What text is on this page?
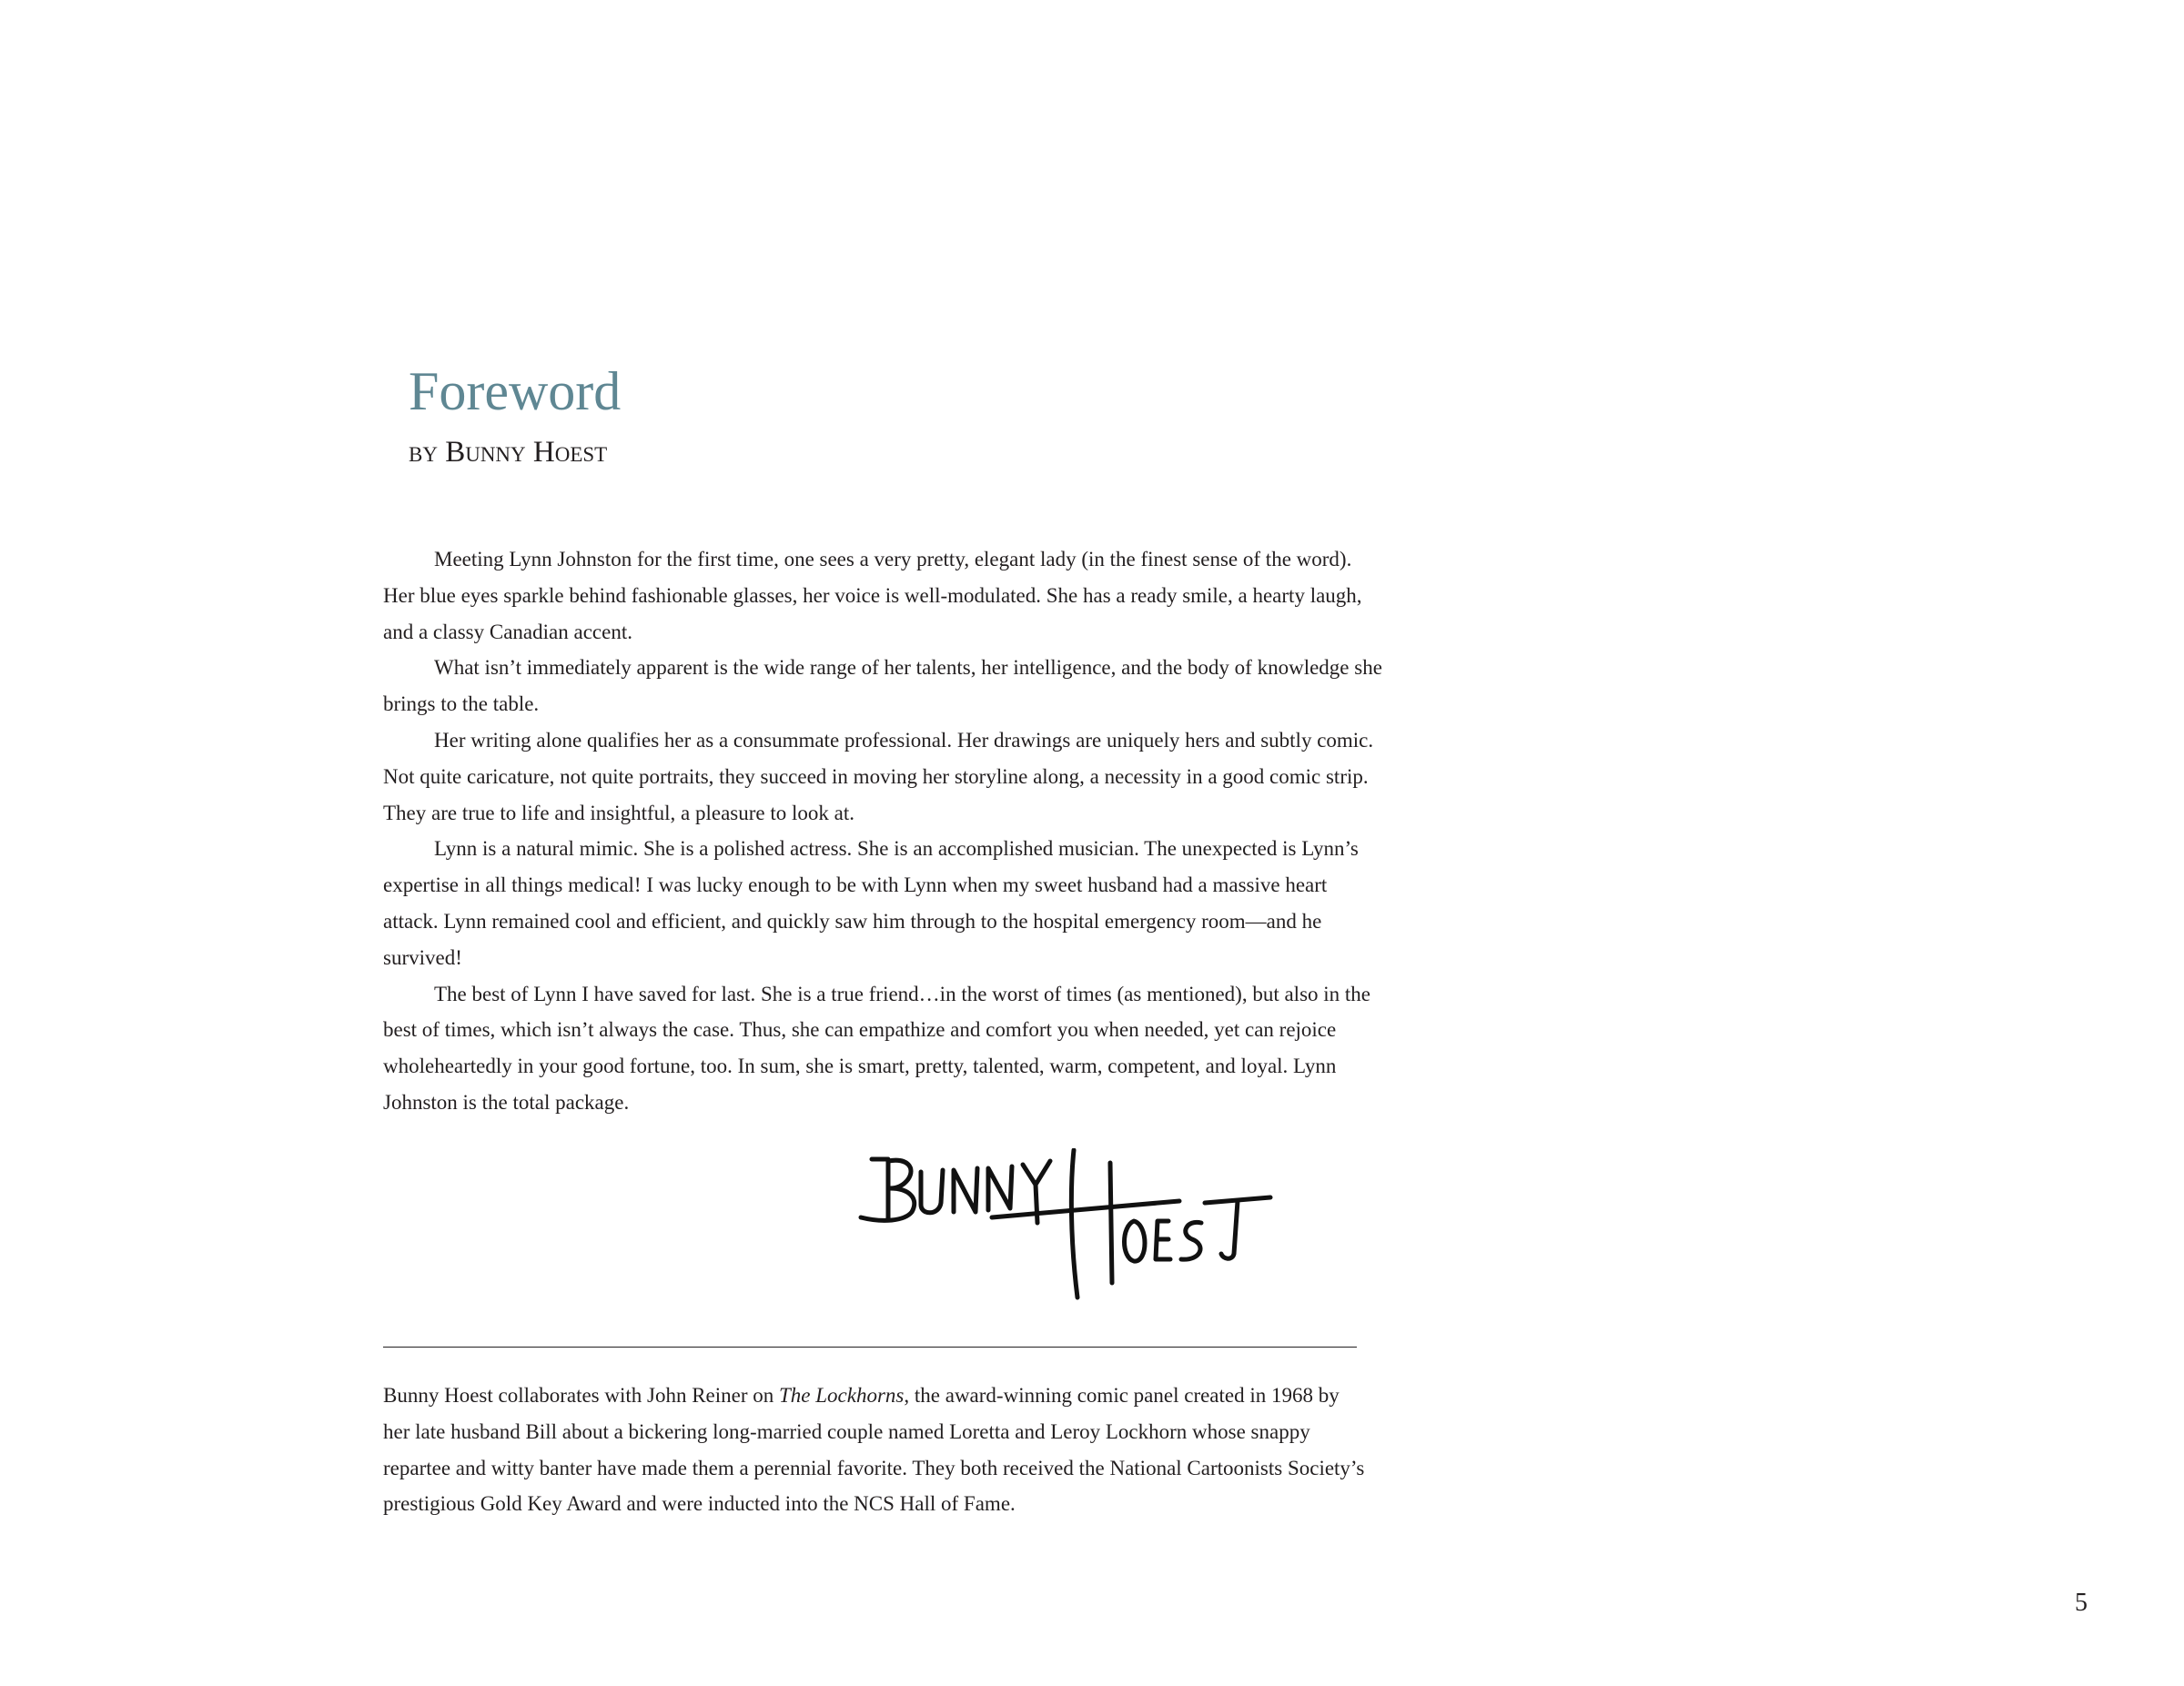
Foreword
by Bunny Hoest

Meeting Lynn Johnston for the first time, one sees a very pretty, elegant lady (in the finest sense of the word). Her blue eyes sparkle behind fashionable glasses, her voice is well-modulated. She has a ready smile, a hearty laugh, and a classy Canadian accent.

What isn’t immediately apparent is the wide range of her talents, her intelligence, and the body of knowledge she brings to the table.

Her writing alone qualifies her as a consummate professional. Her drawings are uniquely hers and subtly comic. Not quite caricature, not quite portraits, they succeed in moving her storyline along, a necessity in a good comic strip. They are true to life and insightful, a pleasure to look at.

Lynn is a natural mimic. She is a polished actress. She is an accomplished musician. The unexpected is Lynn’s expertise in all things medical! I was lucky enough to be with Lynn when my sweet husband had a massive heart attack. Lynn remained cool and efficient, and quickly saw him through to the hospital emergency room—and he survived!

The best of Lynn I have saved for last. She is a true friend…in the worst of times (as mentioned), but also in the best of times, which isn’t always the case. Thus, she can empathize and comfort you when needed, yet can rejoice wholeheartedly in your good fortune, too. In sum, she is smart, pretty, talented, warm, competent, and loyal. Lynn Johnston is the total package.

Bunny Hoest collaborates with John Reiner on The Lockhorns, the award-winning comic panel created in 1968 by her late husband Bill about a bickering long-married couple named Loretta and Leroy Lockhorn whose snappy repartee and witty banter have made them a perennial favorite. They both received the National Cartoonists Society’s prestigious Gold Key Award and were inducted into the NCS Hall of Fame.

5
